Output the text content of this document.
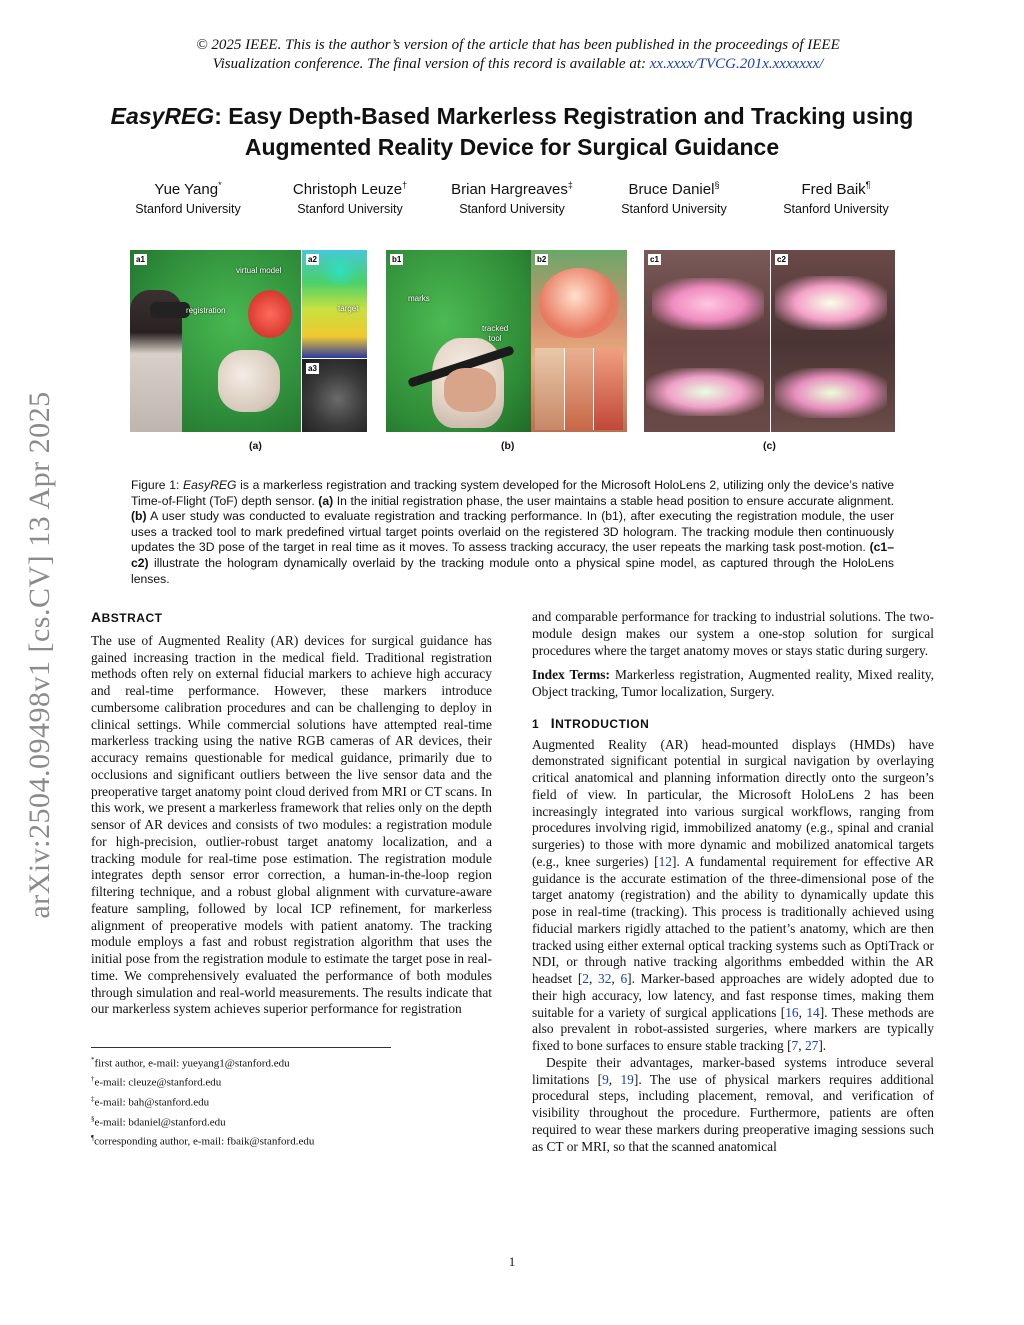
© 2025 IEEE. This is the author’s version of the article that has been published in the proceedings of IEEE
Visualization conference. The final version of this record is available at: xx.xxxx/TVCG.201x.xxxxxxx/
EasyREG: Easy Depth-Based Markerless Registration and Tracking using
Augmented Reality Device for Surgical Guidance
Yue Yang*
Stanford University
Christoph Leuze†
Stanford University
Brian Hargreaves‡
Stanford University
Bruce Daniel§
Stanford University
Fred Baik¶
Stanford University
arXiv:2504.09498v1 [cs.CV] 13 Apr 2025
a1
virtual model
registration
a2
target
a3
b1
marks
tracked
tool
b2	c1	c2
(a)	(b)	(c)
Figure 1: EasyREG is a markerless registration and tracking system developed for the Microsoft HoloLens 2, utilizing only the device’s native Time-of-Flight (ToF) depth sensor. (a) In the initial registration phase, the user maintains a stable head position to ensure accurate alignment. (b) A user study was conducted to evaluate registration and tracking performance. In (b1), after executing the registration module, the user uses a tracked tool to mark predefined virtual target points overlaid on the registered 3D hologram. The tracking module then continuously updates the 3D pose of the target in real time as it moves. To assess tracking accuracy, the user repeats the marking task post-motion. (c1–c2) illustrate the hologram dynamically overlaid by the tracking module onto a physical spine model, as captured through the HoloLens lenses.
ABSTRACT
The use of Augmented Reality (AR) devices for surgical guidance has gained increasing traction in the medical field. Traditional registration methods often rely on external fiducial markers to achieve high accuracy and real-time performance. However, these markers introduce cumbersome calibration procedures and can be challenging to deploy in clinical settings. While commercial solutions have attempted real-time markerless tracking using the native RGB cameras of AR devices, their accuracy remains questionable for medical guidance, primarily due to occlusions and significant outliers between the live sensor data and the preoperative target anatomy point cloud derived from MRI or CT scans. In this work, we present a markerless framework that relies only on the depth sensor of AR devices and consists of two modules: a registration module for high-precision, outlier-robust target anatomy localization, and a tracking module for real-time pose estimation. The registration module integrates depth sensor error correction, a human-in-the-loop region filtering technique, and a robust global alignment with curvature-aware feature sampling, followed by local ICP refinement, for markerless alignment of preoperative models with patient anatomy. The tracking module employs a fast and robust registration algorithm that uses the initial pose from the registration module to estimate the target pose in real-time. We comprehensively evaluated the performance of both modules through simulation and real-world measurements. The results indicate that our markerless system achieves superior performance for registration
*first author, e-mail: yueyang1@stanford.edu
†e-mail: cleuze@stanford.edu
‡e-mail: bah@stanford.edu
§e-mail: bdaniel@stanford.edu
¶corresponding author, e-mail: fbaik@stanford.edu
and comparable performance for tracking to industrial solutions. The two-module design makes our system a one-stop solution for surgical procedures where the target anatomy moves or stays static during surgery.
Index Terms: Markerless registration, Augmented reality, Mixed reality, Object tracking, Tumor localization, Surgery.
1 INTRODUCTION
Augmented Reality (AR) head-mounted displays (HMDs) have demonstrated significant potential in surgical navigation by overlaying critical anatomical and planning information directly onto the surgeon’s field of view. In particular, the Microsoft HoloLens 2 has been increasingly integrated into various surgical workflows, ranging from procedures involving rigid, immobilized anatomy (e.g., spinal and cranial surgeries) to those with more dynamic and mobilized anatomical targets (e.g., knee surgeries) [12]. A fundamental requirement for effective AR guidance is the accurate estimation of the three-dimensional pose of the target anatomy (registration) and the ability to dynamically update this pose in real-time (tracking). This process is traditionally achieved using fiducial markers rigidly attached to the patient’s anatomy, which are then tracked using either external optical tracking systems such as OptiTrack or NDI, or through native tracking algorithms embedded within the AR headset [2, 32, 6]. Marker-based approaches are widely adopted due to their high accuracy, low latency, and fast response times, making them suitable for a variety of surgical applications [16, 14]. These methods are also prevalent in robot-assisted surgeries, where markers are typically fixed to bone surfaces to ensure stable tracking [7, 27].
Despite their advantages, marker-based systems introduce several limitations [9, 19]. The use of physical markers requires additional procedural steps, including placement, removal, and verification of visibility throughout the procedure. Furthermore, patients are often required to wear these markers during preoperative imaging sessions such as CT or MRI, so that the scanned anatomical
1
